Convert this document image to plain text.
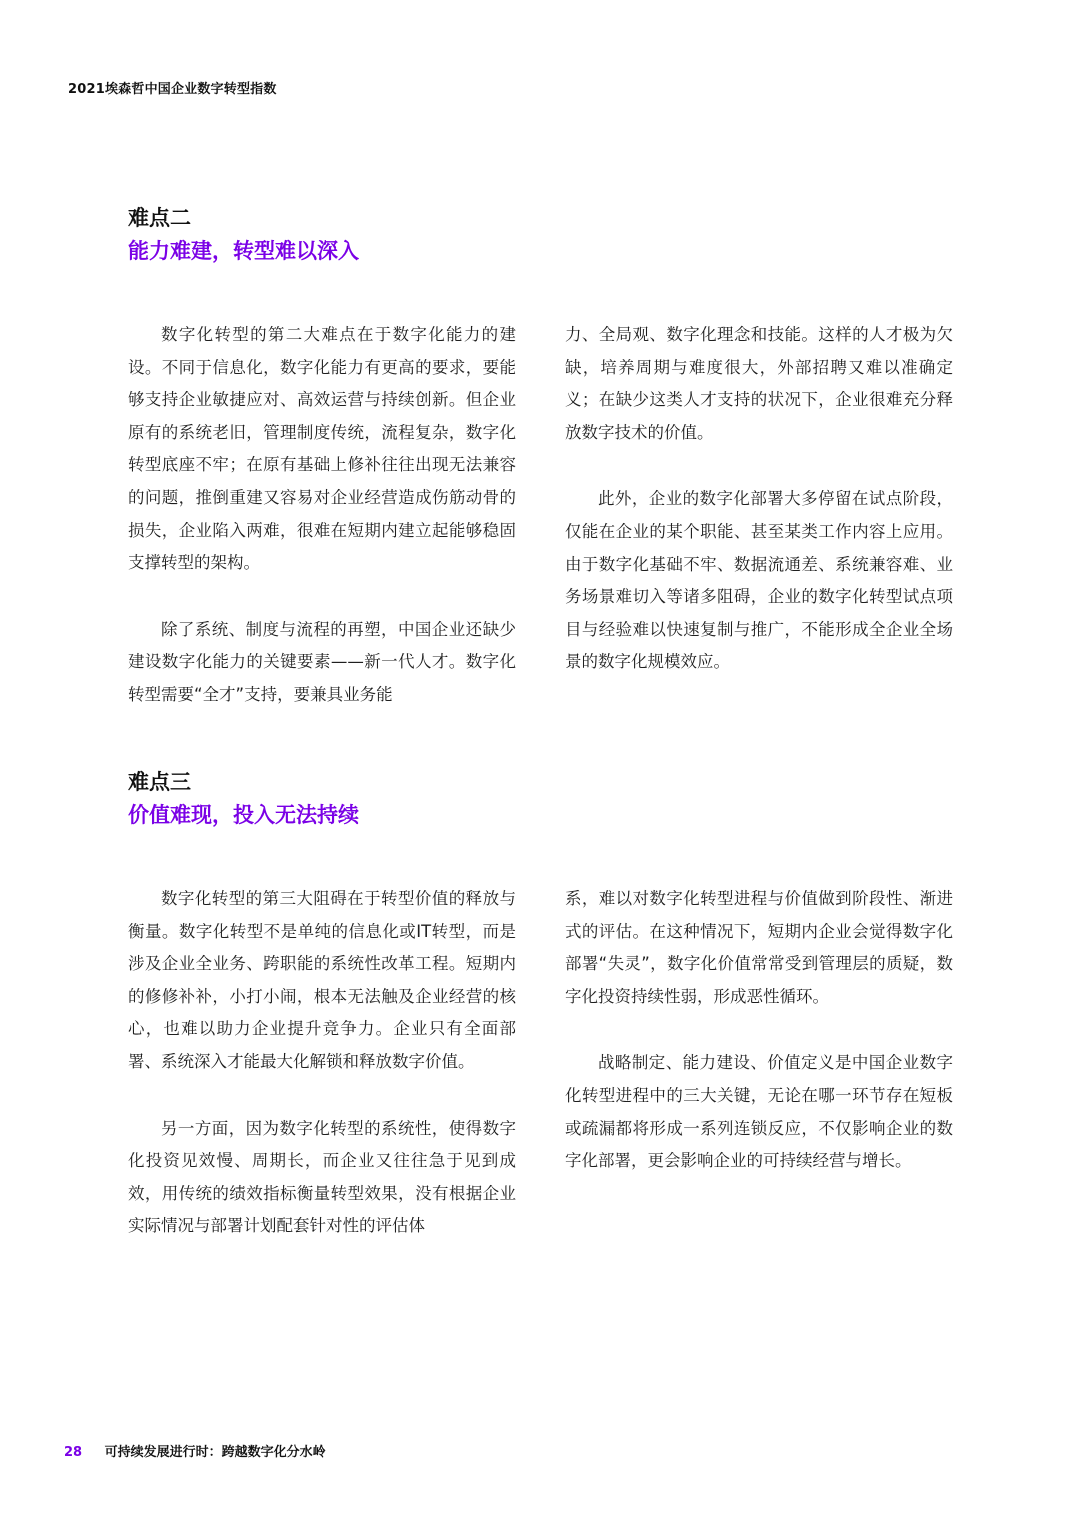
2021埃森哲中国企业数字转型指数
难点二
能力难建，转型难以深入

数字化转型的第二大难点在于数字化能力的建设。不同于信息化，数字化能力有更高的要求，要能够支持企业敏捷应对、高效运营与持续创新。但企业原有的系统老旧，管理制度传统，流程复杂，数字化转型底座不牢；在原有基础上修补往往出现无法兼容的问题，推倒重建又容易对企业经营造成伤筋动骨的损失，企业陷入两难，很难在短期内建立起能够稳固支撑转型的架构。

除了系统、制度与流程的再塑，中国企业还缺少建设数字化能力的关键要素——新一代人才。数字化转型需要“全才”支持，要兼具业务能

力、全局观、数字化理念和技能。这样的人才极为欠缺，培养周期与难度很大，外部招聘又难以准确定义；在缺少这类人才支持的状况下，企业很难充分释放数字技术的价值。

此外，企业的数字化部署大多停留在试点阶段，仅能在企业的某个职能、甚至某类工作内容上应用。由于数字化基础不牢、数据流通差、系统兼容难、业务场景难切入等诸多阻碍，企业的数字化转型试点项目与经验难以快速复制与推广，不能形成全企业全场景的数字化规模效应。

难点三
价值难现，投入无法持续

数字化转型的第三大阻碍在于转型价值的释放与衡量。数字化转型不是单纯的信息化或IT转型，而是涉及企业全业务、跨职能的系统性改革工程。短期内的修修补补，小打小闹，根本无法触及企业经营的核心，也难以助力企业提升竞争力。企业只有全面部署、系统深入才能最大化解锁和释放数字价值。

另一方面，因为数字化转型的系统性，使得数字化投资见效慢、周期长，而企业又往往急于见到成效，用传统的绩效指标衡量转型效果，没有根据企业实际情况与部署计划配套针对性的评估体

系，难以对数字化转型进程与价值做到阶段性、渐进式的评估。在这种情况下，短期内企业会觉得数字化部署“失灵”，数字化价值常常受到管理层的质疑，数字化投资持续性弱，形成恶性循环。

战略制定、能力建设、价值定义是中国企业数字化转型进程中的三大关键，无论在哪一环节存在短板或疏漏都将形成一系列连锁反应，不仅影响企业的数字化部署，更会影响企业的可持续经营与增长。

28 可持续发展进行时：跨越数字化分水岭
